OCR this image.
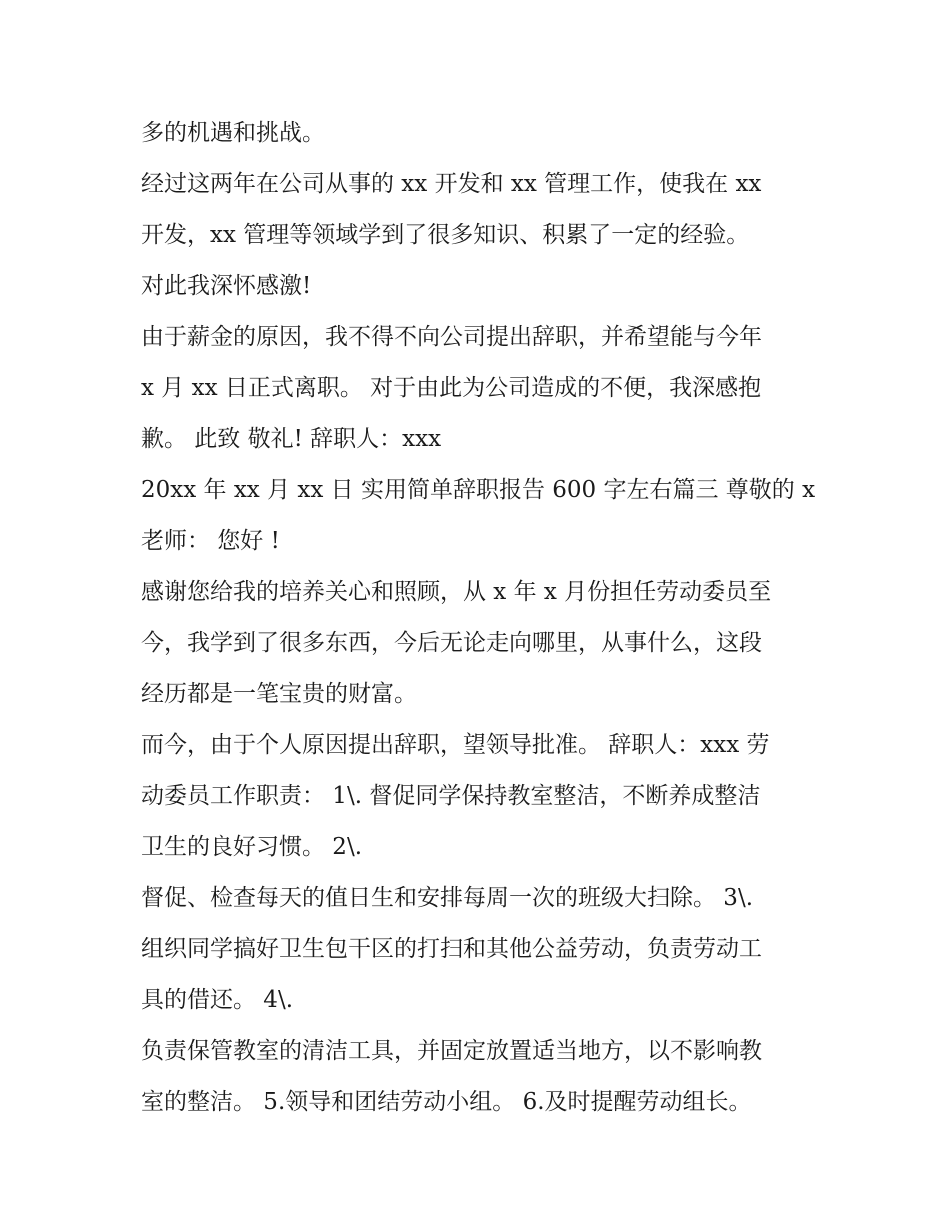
多的机遇和挑战。

经过这两年在公司从事的 xx 开发和 xx 管理工作，使我在 xx

开发，xx 管理等领域学到了很多知识、积累了一定的经验。

对此我深怀感激!

由于薪金的原因，我不得不向公司提出辞职，并希望能与今年

x 月 xx 日正式离职。 对于由此为公司造成的不便，我深感抱

歉。 此致 敬礼! 辞职人：xxx

20xx 年 xx 月 xx 日 实用简单辞职报告 600 字左右篇三 尊敬的 x

老师： 您好 !

感谢您给我的培养关心和照顾，从 x 年 x 月份担任劳动委员至

今，我学到了很多东西，今后无论走向哪里，从事什么，这段

经历都是一笔宝贵的财富。

而今，由于个人原因提出辞职，望领导批准。 辞职人：xxx 劳

动委员工作职责： 1\. 督促同学保持教室整洁，不断养成整洁

卫生的良好习惯。 2\.

督促、检查每天的值日生和安排每周一次的班级大扫除。 3\.

组织同学搞好卫生包干区的打扫和其他公益劳动，负责劳动工

具的借还。 4\.

负责保管教室的清洁工具，并固定放置适当地方，以不影响教

室的整洁。 5.领导和团结劳动小组。 6.及时提醒劳动组长。
